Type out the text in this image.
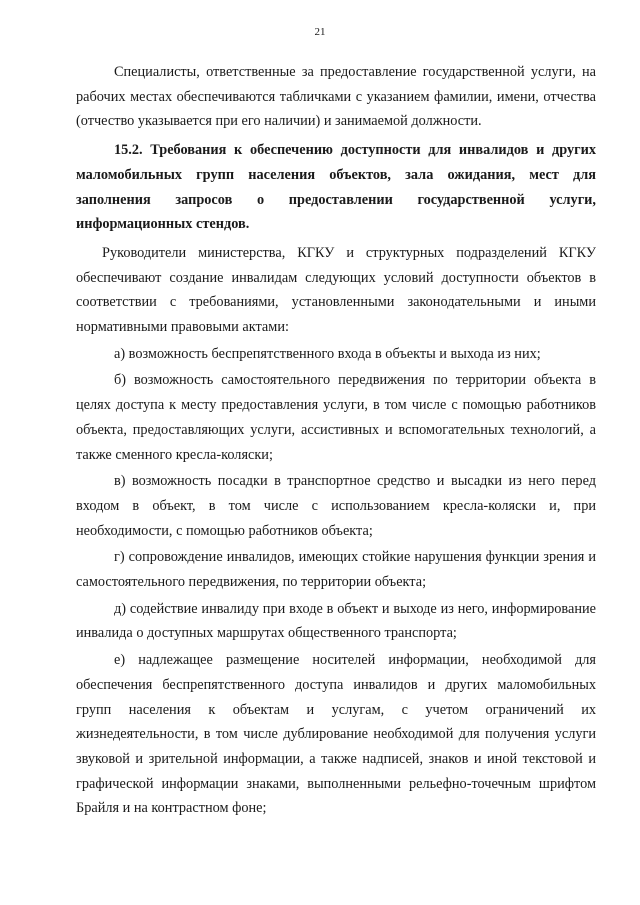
21

Специалисты, ответственные за предоставление государственной услуги, на рабочих местах обеспечиваются табличками с указанием фамилии, имени, отчества (отчество указывается при его наличии) и занимаемой должности.

15.2. Требования к обеспечению доступности для инвалидов и других маломобильных групп населения объектов, зала ожидания, мест для заполнения запросов о предоставлении государственной услуги, информационных стендов.

Руководители министерства, КГКУ и структурных подразделений КГКУ обеспечивают создание инвалидам следующих условий доступности объектов в соответствии с требованиями, установленными законодательными и иными нормативными правовыми актами:

а) возможность беспрепятственного входа в объекты и выхода из них;

б) возможность самостоятельного передвижения по территории объекта в целях доступа к месту предоставления услуги, в том числе с помощью работников объекта, предоставляющих услуги, ассистивных и вспомогательных технологий, а также сменного кресла-коляски;

в) возможность посадки в транспортное средство и высадки из него перед входом в объект, в том числе с использованием кресла-коляски и, при необходимости, с помощью работников объекта;

г) сопровождение инвалидов, имеющих стойкие нарушения функции зрения и самостоятельного передвижения, по территории объекта;

д) содействие инвалиду при входе в объект и выходе из него, информирование инвалида о доступных маршрутах общественного транспорта;

е) надлежащее размещение носителей информации, необходимой для обеспечения беспрепятственного доступа инвалидов и других маломобильных групп населения к объектам и услугам, с учетом ограничений их жизнедеятельности, в том числе дублирование необходимой для получения услуги звуковой и зрительной информации, а также надписей, знаков и иной текстовой и графической информации знаками, выполненными рельефно-точечным шрифтом Брайля и на контрастном фоне;
